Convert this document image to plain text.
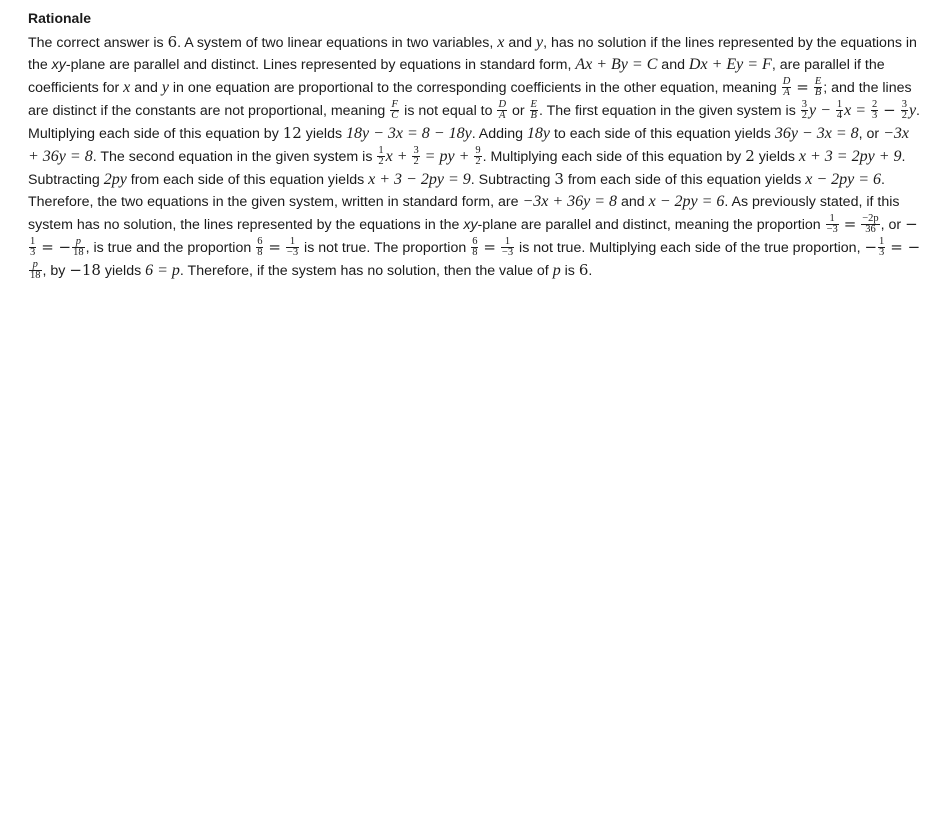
Rationale

The correct answer is 6. A system of two linear equations in two variables, x and y, has no solution if the lines represented by the equations in the xy-plane are parallel and distinct. Lines represented by equations in standard form, Ax + By = C and Dx + Ey = F, are parallel if the coefficients for x and y in one equation are proportional to the corresponding coefficients in the other equation, meaning $\frac{D}{A} = \frac{E}{B}$ ; and the lines are distinct if the constants are not proportional, meaning $\frac{F}{C}$ is not equal to $\frac{D}{A}$ or $\frac{E}{B}$ . The first equation in the given system is $\frac{3}{2}$ $y - \frac{1}{4}$ $x = \frac{2}{3} - \frac{3}{2} y$. Multiplying each side of this equation by 12 yields 18y − 3x = 8 − 18y. Adding 18y to each side of this equation yields 36y − 3x = 8, or −3x + 36y = 8. The second equation in the given system is $\frac{1}{2}$ $x + \frac{3}{2}$ = py + $\frac{9}{2}$ . Multiplying each side of this equation by 2 yields x + 3 = 2py + 9. Subtracting 2py from each side of this equation yields x + 3 − 2py = 9. Subtracting 3 from each side of this equation yields x − 2py = 6. Therefore, the two equations in the given system, written in standard form, are −3x + 36y = 8 and x − 2py = 6. As previously stated, if this system has no solution, the lines represented by the equations in the xy-plane are parallel and distinct, meaning the proportion $\frac{1}{-3} = \frac{-2p}{36}$ , or −
$\frac{1}{3}$ = − $\frac{p}{18}$ , is true and the proportion $\frac{6}{8} = \frac{1}{-3}$ is not true. The proportion $\frac{6}{8} = \frac{1}{-3}$ is not true. Multiplying each side of the true proportion, − $\frac{1}{3}$ = −
$\frac{p}{18}$ , by −18 yields 6 = p. Therefore, if the system has no solution, then the value of p is 6.
